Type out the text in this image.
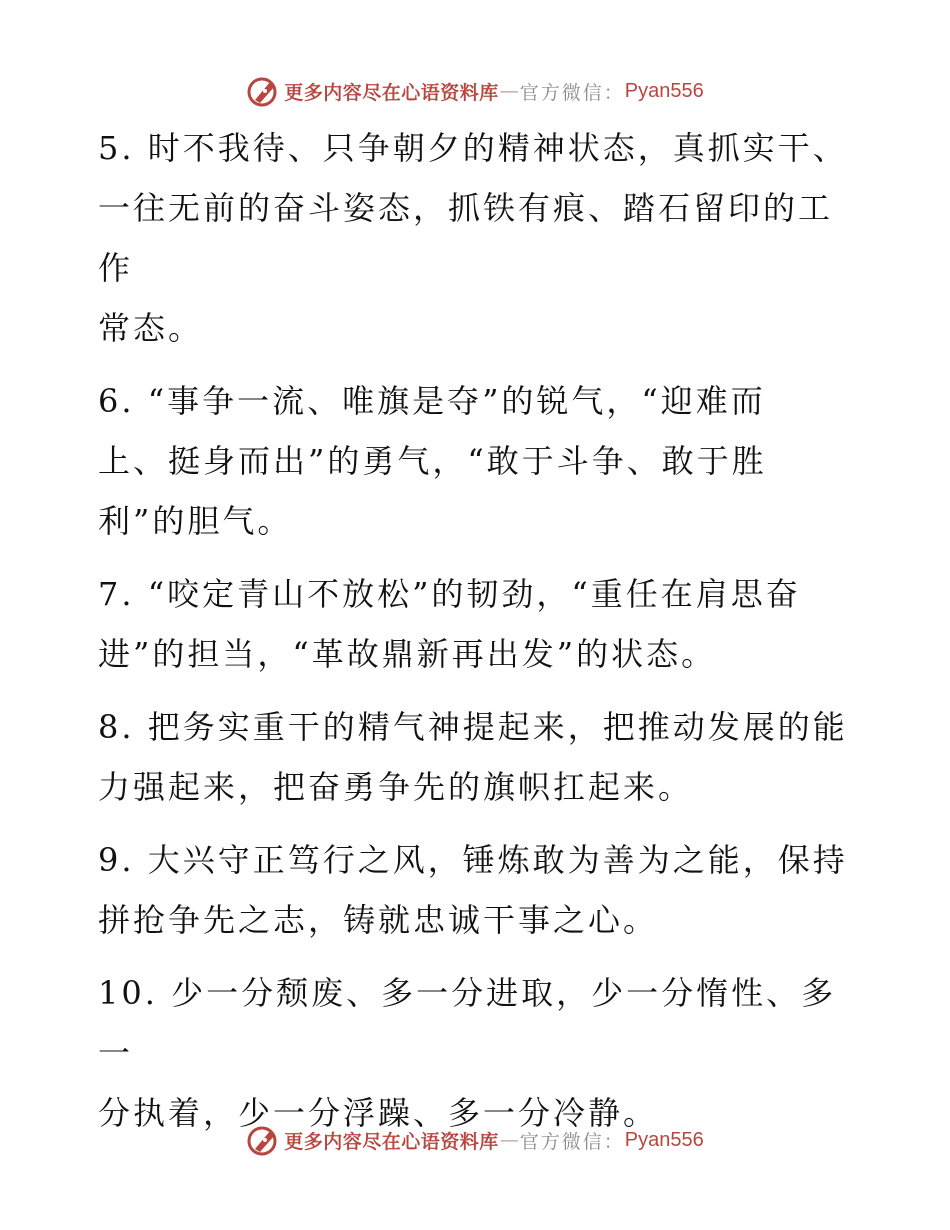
更多内容尽在心语资料库 — 官方微信： Pyan556

5. 时不我待、只争朝夕的精神状态，真抓实干、
一往无前的奋斗姿态，抓铁有痕、踏石留印的工作
常态。

6. “事争一流、唯旗是夺”的锐气，“迎难而
上、挺身而出”的勇气，“敢于斗争、敢于胜
利”的胆气。

7. “咬定青山不放松”的韧劲，“重任在肩思奋
进”的担当，“革故鼎新再出发”的状态。

8. 把务实重干的精气神提起来，把推动发展的能
力强起来，把奋勇争先的旗帜扛起来。

9. 大兴守正笃行之风，锤炼敢为善为之能，保持
拼抢争先之志，铸就忠诚干事之心。

10. 少一分颓废、多一分进取，少一分惰性、多一
分执着，少一分浮躁、多一分冷静。

更多内容尽在心语资料库 — 官方微信： Pyan556
